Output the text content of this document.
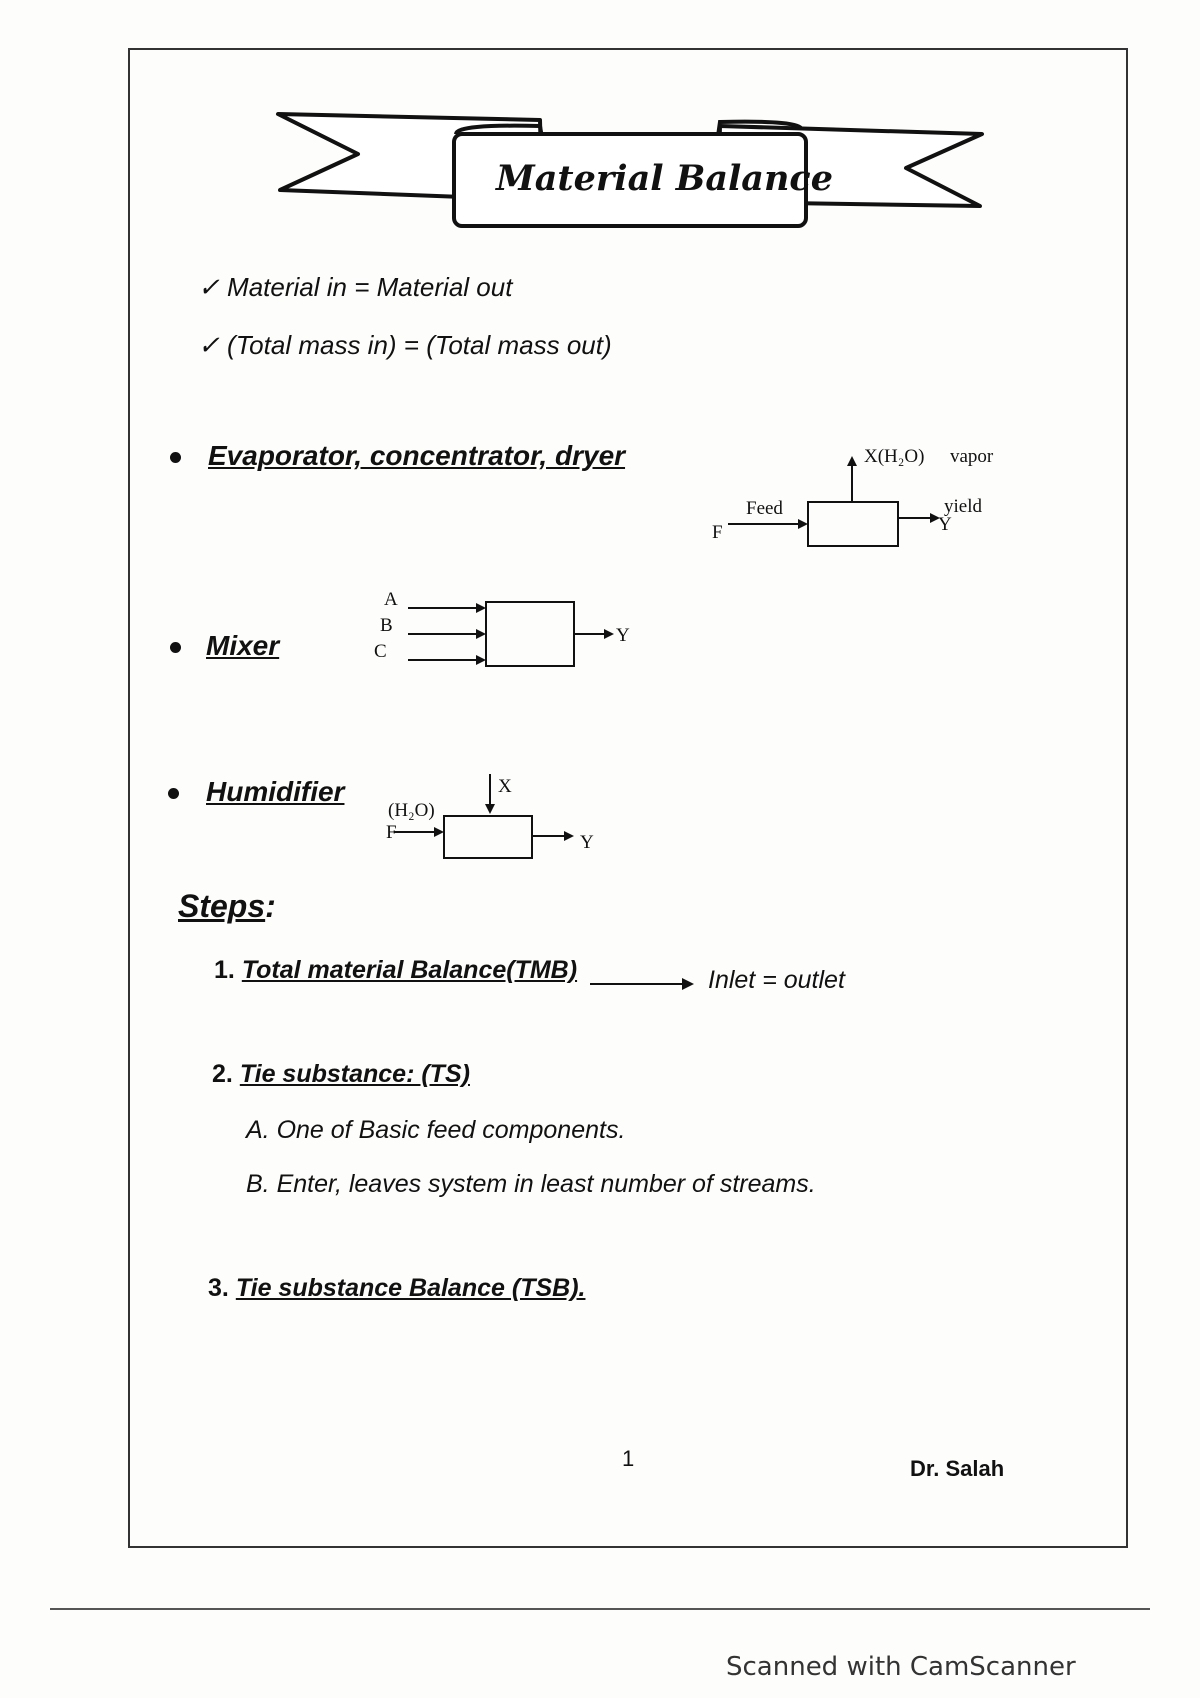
Material Balance
✓ Material in = Material out
✓ (Total mass in) = (Total mass out)
Evaporator, concentrator, dryer
Mixer
Humidifier
X(H₂O) vapor
Feed
F
yield
Y
A
B
C
Y
X
(H₂O)
F	Y
Steps:
1. Total material Balance(TMB)	Inlet = outlet
2. Tie substance: (TS)
A. One of Basic feed components.
B. Enter, leaves system in least number of streams.
3. Tie substance Balance (TSB).
1	Dr. Salah
Scanned with CamScanner
